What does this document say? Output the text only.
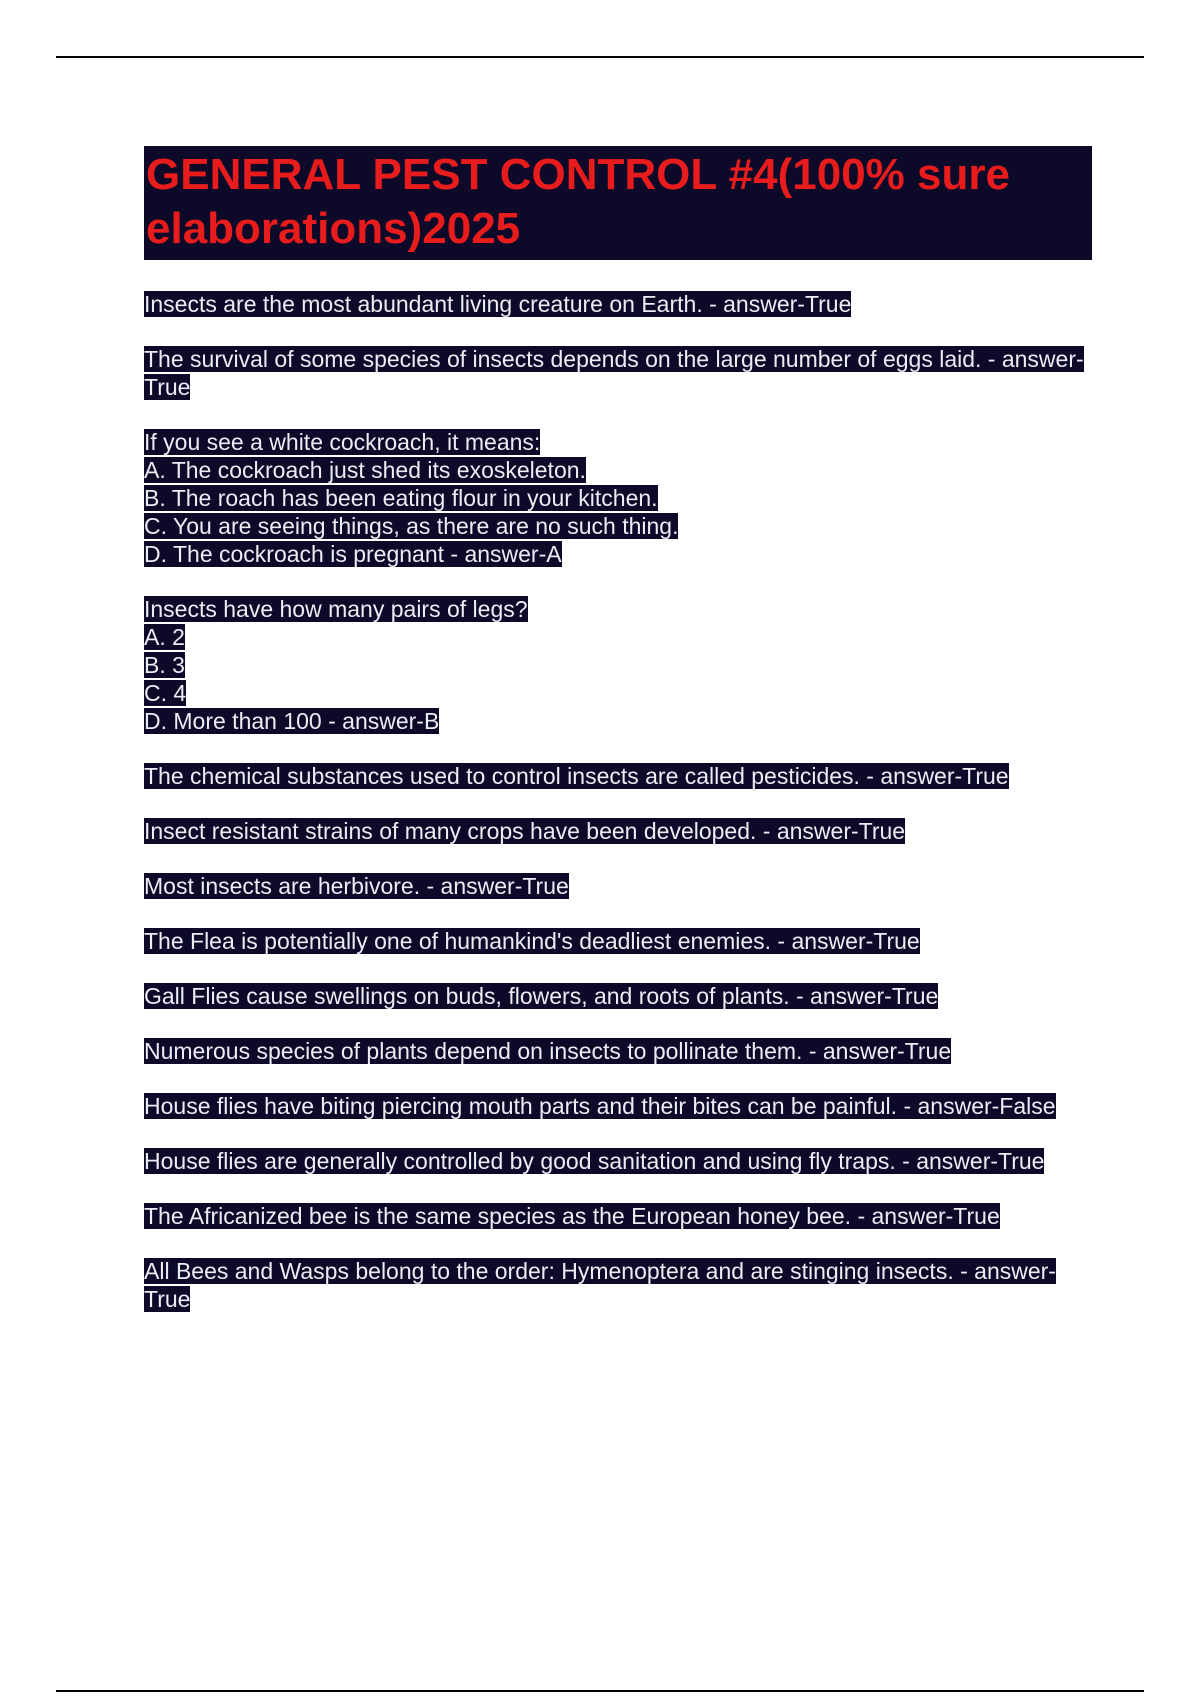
GENERAL PEST CONTROL #4(100% sure elaborations)2025
Insects are the most abundant living creature on Earth. - answer-True
The survival of some species of insects depends on the large number of eggs laid. - answer-True
If you see a white cockroach, it means:
A. The cockroach just shed its exoskeleton.
B. The roach has been eating flour in your kitchen.
C. You are seeing things, as there are no such thing.
D. The cockroach is pregnant - answer-A
Insects have how many pairs of legs?
A. 2
B. 3
C. 4
D. More than 100 - answer-B
The chemical substances used to control insects are called pesticides. - answer-True
Insect resistant strains of many crops have been developed. - answer-True
Most insects are herbivore. - answer-True
The Flea is potentially one of humankind's deadliest enemies. - answer-True
Gall Flies cause swellings on buds, flowers, and roots of plants. - answer-True
Numerous species of plants depend on insects to pollinate them. - answer-True
House flies have biting piercing mouth parts and their bites can be painful. - answer-False
House flies are generally controlled by good sanitation and using fly traps. - answer-True
The Africanized bee is the same species as the European honey bee. - answer-True
All Bees and Wasps belong to the order: Hymenoptera and are stinging insects. - answer-True
